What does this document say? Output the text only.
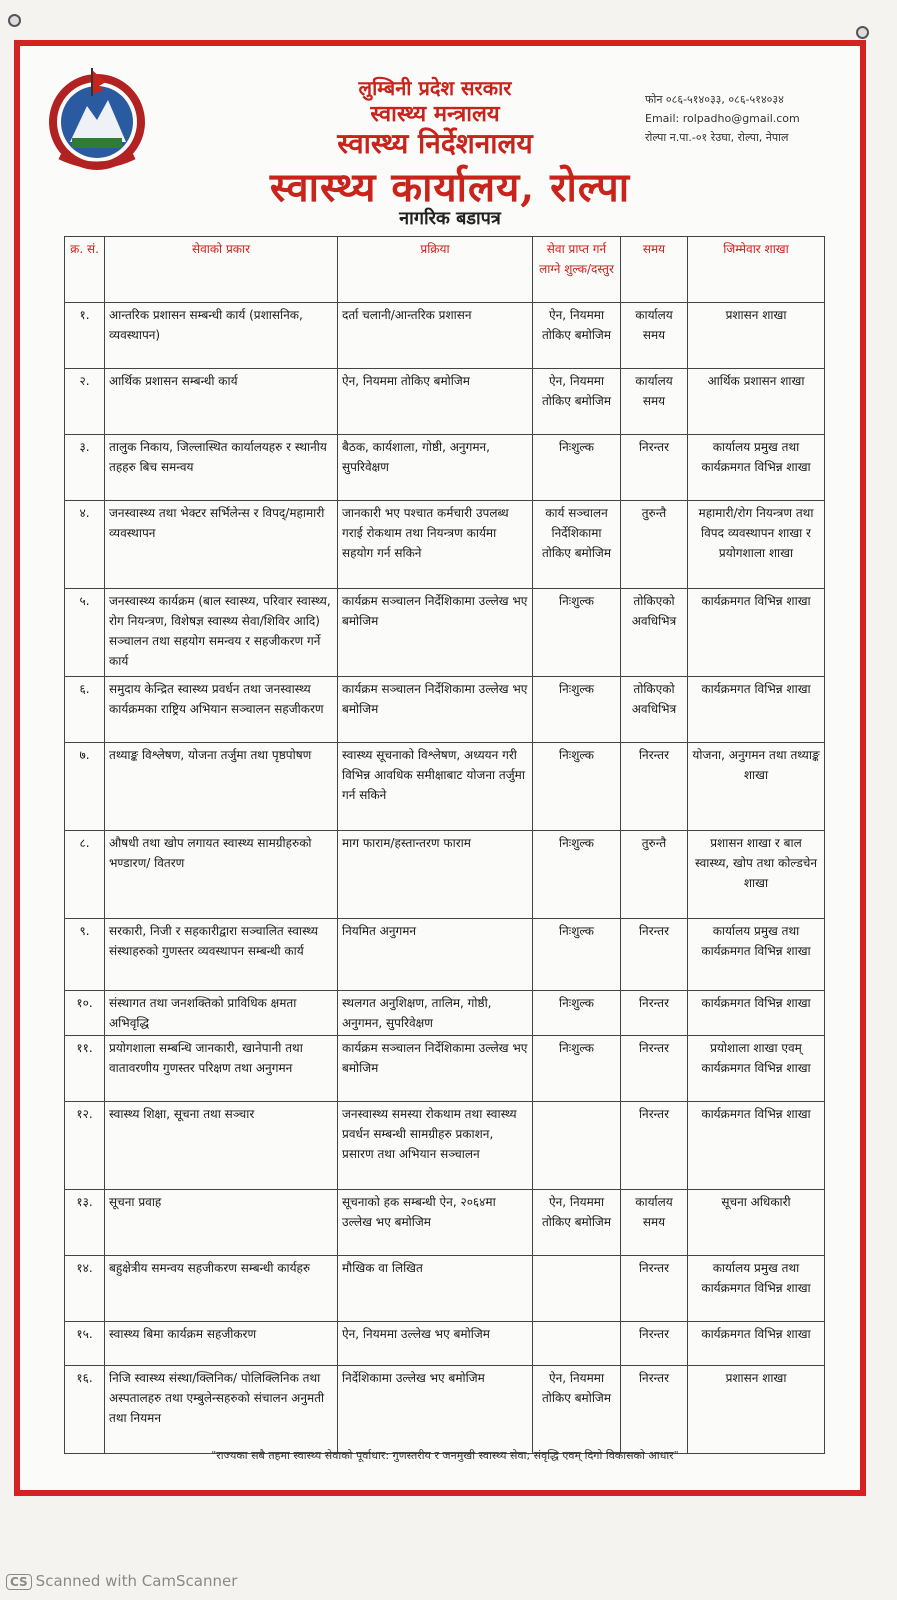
लुम्बिनी प्रदेश सरकार
स्वास्थ्य मन्त्रालय
स्वास्थ्य निर्देशनालय
स्वास्थ्य कार्यालय, रोल्पा
नागरिक बडापत्र
फोन ०८६-५१४०३३, ०८६-५१४०३४
Email: rolpadho@gmail.com
रोल्पा न.पा.-०१ रेउघा, रोल्पा, नेपाल
क्र. सं.	सेवाको प्रकार	प्रक्रिया	सेवा प्राप्त गर्न लाग्ने शुल्क/दस्तुर	समय	जिम्मेवार शाखा
१.	आन्तरिक प्रशासन सम्बन्धी कार्य (प्रशासनिक, व्यवस्थापन)	दर्ता चलानी/आन्तरिक प्रशासन	ऐन, नियममा तोकिए बमोजिम	कार्यालय समय	प्रशासन शाखा
२.	आर्थिक प्रशासन सम्बन्धी कार्य	ऐन, नियममा तोकिए बमोजिम	ऐन, नियममा तोकिए बमोजिम	कार्यालय समय	आर्थिक प्रशासन शाखा
३.	तालुक निकाय, जिल्लास्थित कार्यालयहरु र स्थानीय तहहरु बिच समन्वय	बैठक, कार्यशाला, गोष्ठी, अनुगमन, सुपरिवेक्षण	निःशुल्क	निरन्तर	कार्यालय प्रमुख तथा कार्यक्रमगत विभिन्न शाखा
४.	जनस्वास्थ्य तथा भेक्टर सर्भिलेन्स र विपद्/महामारी व्यवस्थापन	जानकारी भए पश्चात कर्मचारी उपलब्ध गराई रोकथाम तथा नियन्त्रण कार्यमा सहयोग गर्न सकिने	कार्य सञ्चालन निर्देशिकामा तोकिए बमोजिम	तुरुन्तै	महामारी/रोग नियन्त्रण तथा विपद व्यवस्थापन शाखा र प्रयोगशाला शाखा
५.	जनस्वास्थ्य कार्यक्रम (बाल स्वास्थ्य, परिवार स्वास्थ्य, रोग नियन्त्रण, विशेषज्ञ स्वास्थ्य सेवा/शिविर आदि) सञ्चालन तथा सहयोग समन्वय र सहजीकरण गर्ने कार्य	कार्यक्रम सञ्चालन निर्देशिकामा उल्लेख भए बमोजिम	निःशुल्क	तोकिएको अवधिभित्र	कार्यक्रमगत विभिन्न शाखा
६.	समुदाय केन्द्रित स्वास्थ्य प्रवर्धन तथा जनस्वास्थ्य कार्यक्रमका राष्ट्रिय अभियान सञ्चालन सहजीकरण	कार्यक्रम सञ्चालन निर्देशिकामा उल्लेख भए बमोजिम	निःशुल्क	तोकिएको अवधिभित्र	कार्यक्रमगत विभिन्न शाखा
७.	तथ्याङ्क विश्लेषण, योजना तर्जुमा तथा पृष्ठपोषण	स्वास्थ्य सूचनाको विश्लेषण, अध्ययन गरी विभिन्न आवधिक समीक्षाबाट योजना तर्जुमा गर्न सकिने	निःशुल्क	निरन्तर	योजना, अनुगमन तथा तथ्याङ्क शाखा
८.	औषधी तथा खोप लगायत स्वास्थ्य सामग्रीहरुको भण्डारण/ वितरण	माग फाराम/हस्तान्तरण फाराम	निःशुल्क	तुरुन्तै	प्रशासन शाखा र बाल स्वास्थ्य, खोप तथा कोल्डचेन शाखा
९.	सरकारी, निजी र सहकारीद्वारा सञ्चालित स्वास्थ्य संस्थाहरुको गुणस्तर व्यवस्थापन सम्बन्धी कार्य	नियमित अनुगमन	निःशुल्क	निरन्तर	कार्यालय प्रमुख तथा कार्यक्रमगत विभिन्न शाखा
१०.	संस्थागत तथा जनशक्तिको प्राविधिक क्षमता अभिवृद्धि	स्थलगत अनुशिक्षण, तालिम, गोष्ठी, अनुगमन, सुपरिवेक्षण	निःशुल्क	निरन्तर	कार्यक्रमगत विभिन्न शाखा
११.	प्रयोगशाला सम्बन्धि जानकारी, खानेपानी तथा वातावरणीय गुणस्तर परिक्षण तथा अनुगमन	कार्यक्रम सञ्चालन निर्देशिकामा उल्लेख भए बमोजिम	निःशुल्क	निरन्तर	प्रयोशाला शाखा एवम् कार्यक्रमगत विभिन्न शाखा
१२.	स्वास्थ्य शिक्षा, सूचना तथा सञ्चार	जनस्वास्थ्य समस्या रोकथाम तथा स्वास्थ्य प्रवर्धन सम्बन्धी सामग्रीहरु प्रकाशन, प्रसारण तथा अभियान सञ्चालन		निरन्तर	कार्यक्रमगत विभिन्न शाखा
१३.	सूचना प्रवाह	सूचनाको हक सम्बन्धी ऐन, २०६४मा उल्लेख भए बमोजिम	ऐन, नियममा तोकिए बमोजिम	कार्यालय समय	सूचना अधिकारी
१४.	बहुक्षेत्रीय समन्वय सहजीकरण सम्बन्धी कार्यहरु	मौखिक वा लिखित		निरन्तर	कार्यालय प्रमुख तथा कार्यक्रमगत विभिन्न शाखा
१५.	स्वास्थ्य बिमा कार्यक्रम सहजीकरण	ऐन, नियममा उल्लेख भए बमोजिम		निरन्तर	कार्यक्रमगत विभिन्न शाखा
१६.	निजि स्वास्थ्य संस्था/क्लिनिक/ पोलिक्लिनिक तथा अस्पतालहरु तथा एम्बुलेन्सहरुको संचालन अनुमती तथा नियमन	निर्देशिकामा उल्लेख भए बमोजिम	ऐन, नियममा तोकिए बमोजिम	निरन्तर	प्रशासन शाखा
"राज्यका सबै तहमा स्वास्थ्य सेवाको पूर्वाधार: गुणस्तरीय र जनमुखी स्वास्थ्य सेवा; संवृद्धि एवम् दिगो विकासको आधार"
CS Scanned with CamScanner
